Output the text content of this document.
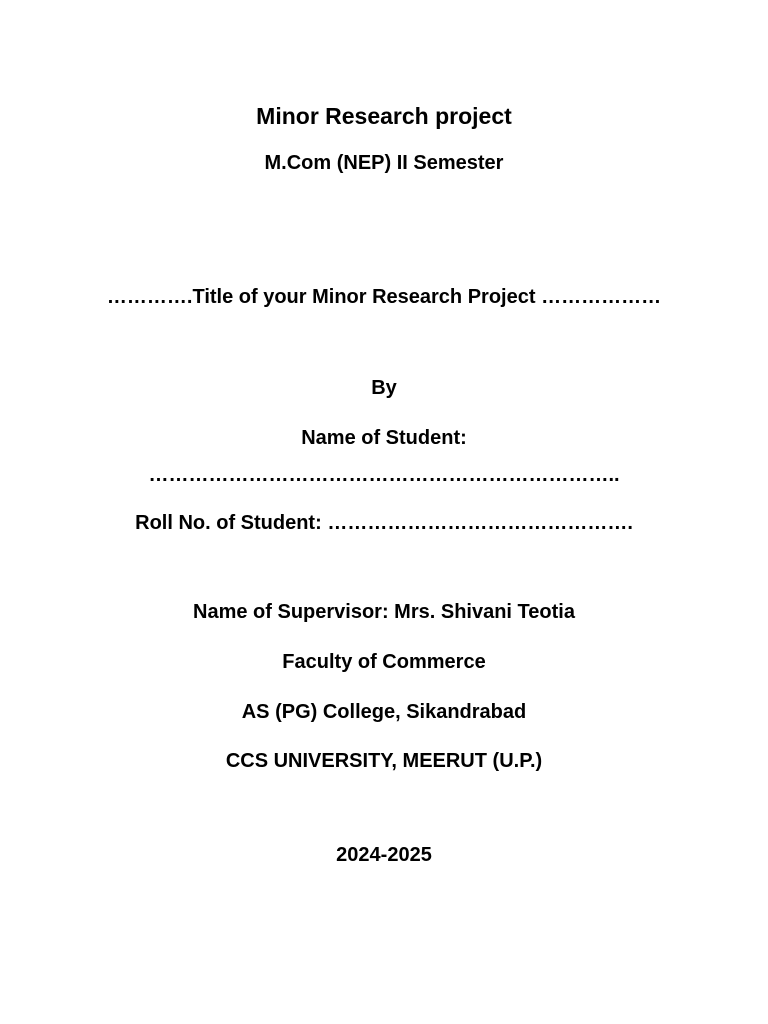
Minor Research project
M.Com (NEP) II Semester
………….Title of your Minor Research Project ………………
By
Name of Student:
……………………………………………………………..
Roll No. of Student: ……………………………………….
Name of Supervisor: Mrs. Shivani Teotia
Faculty of Commerce
AS (PG) College, Sikandrabad
CCS UNIVERSITY, MEERUT (U.P.)
2024-2025
